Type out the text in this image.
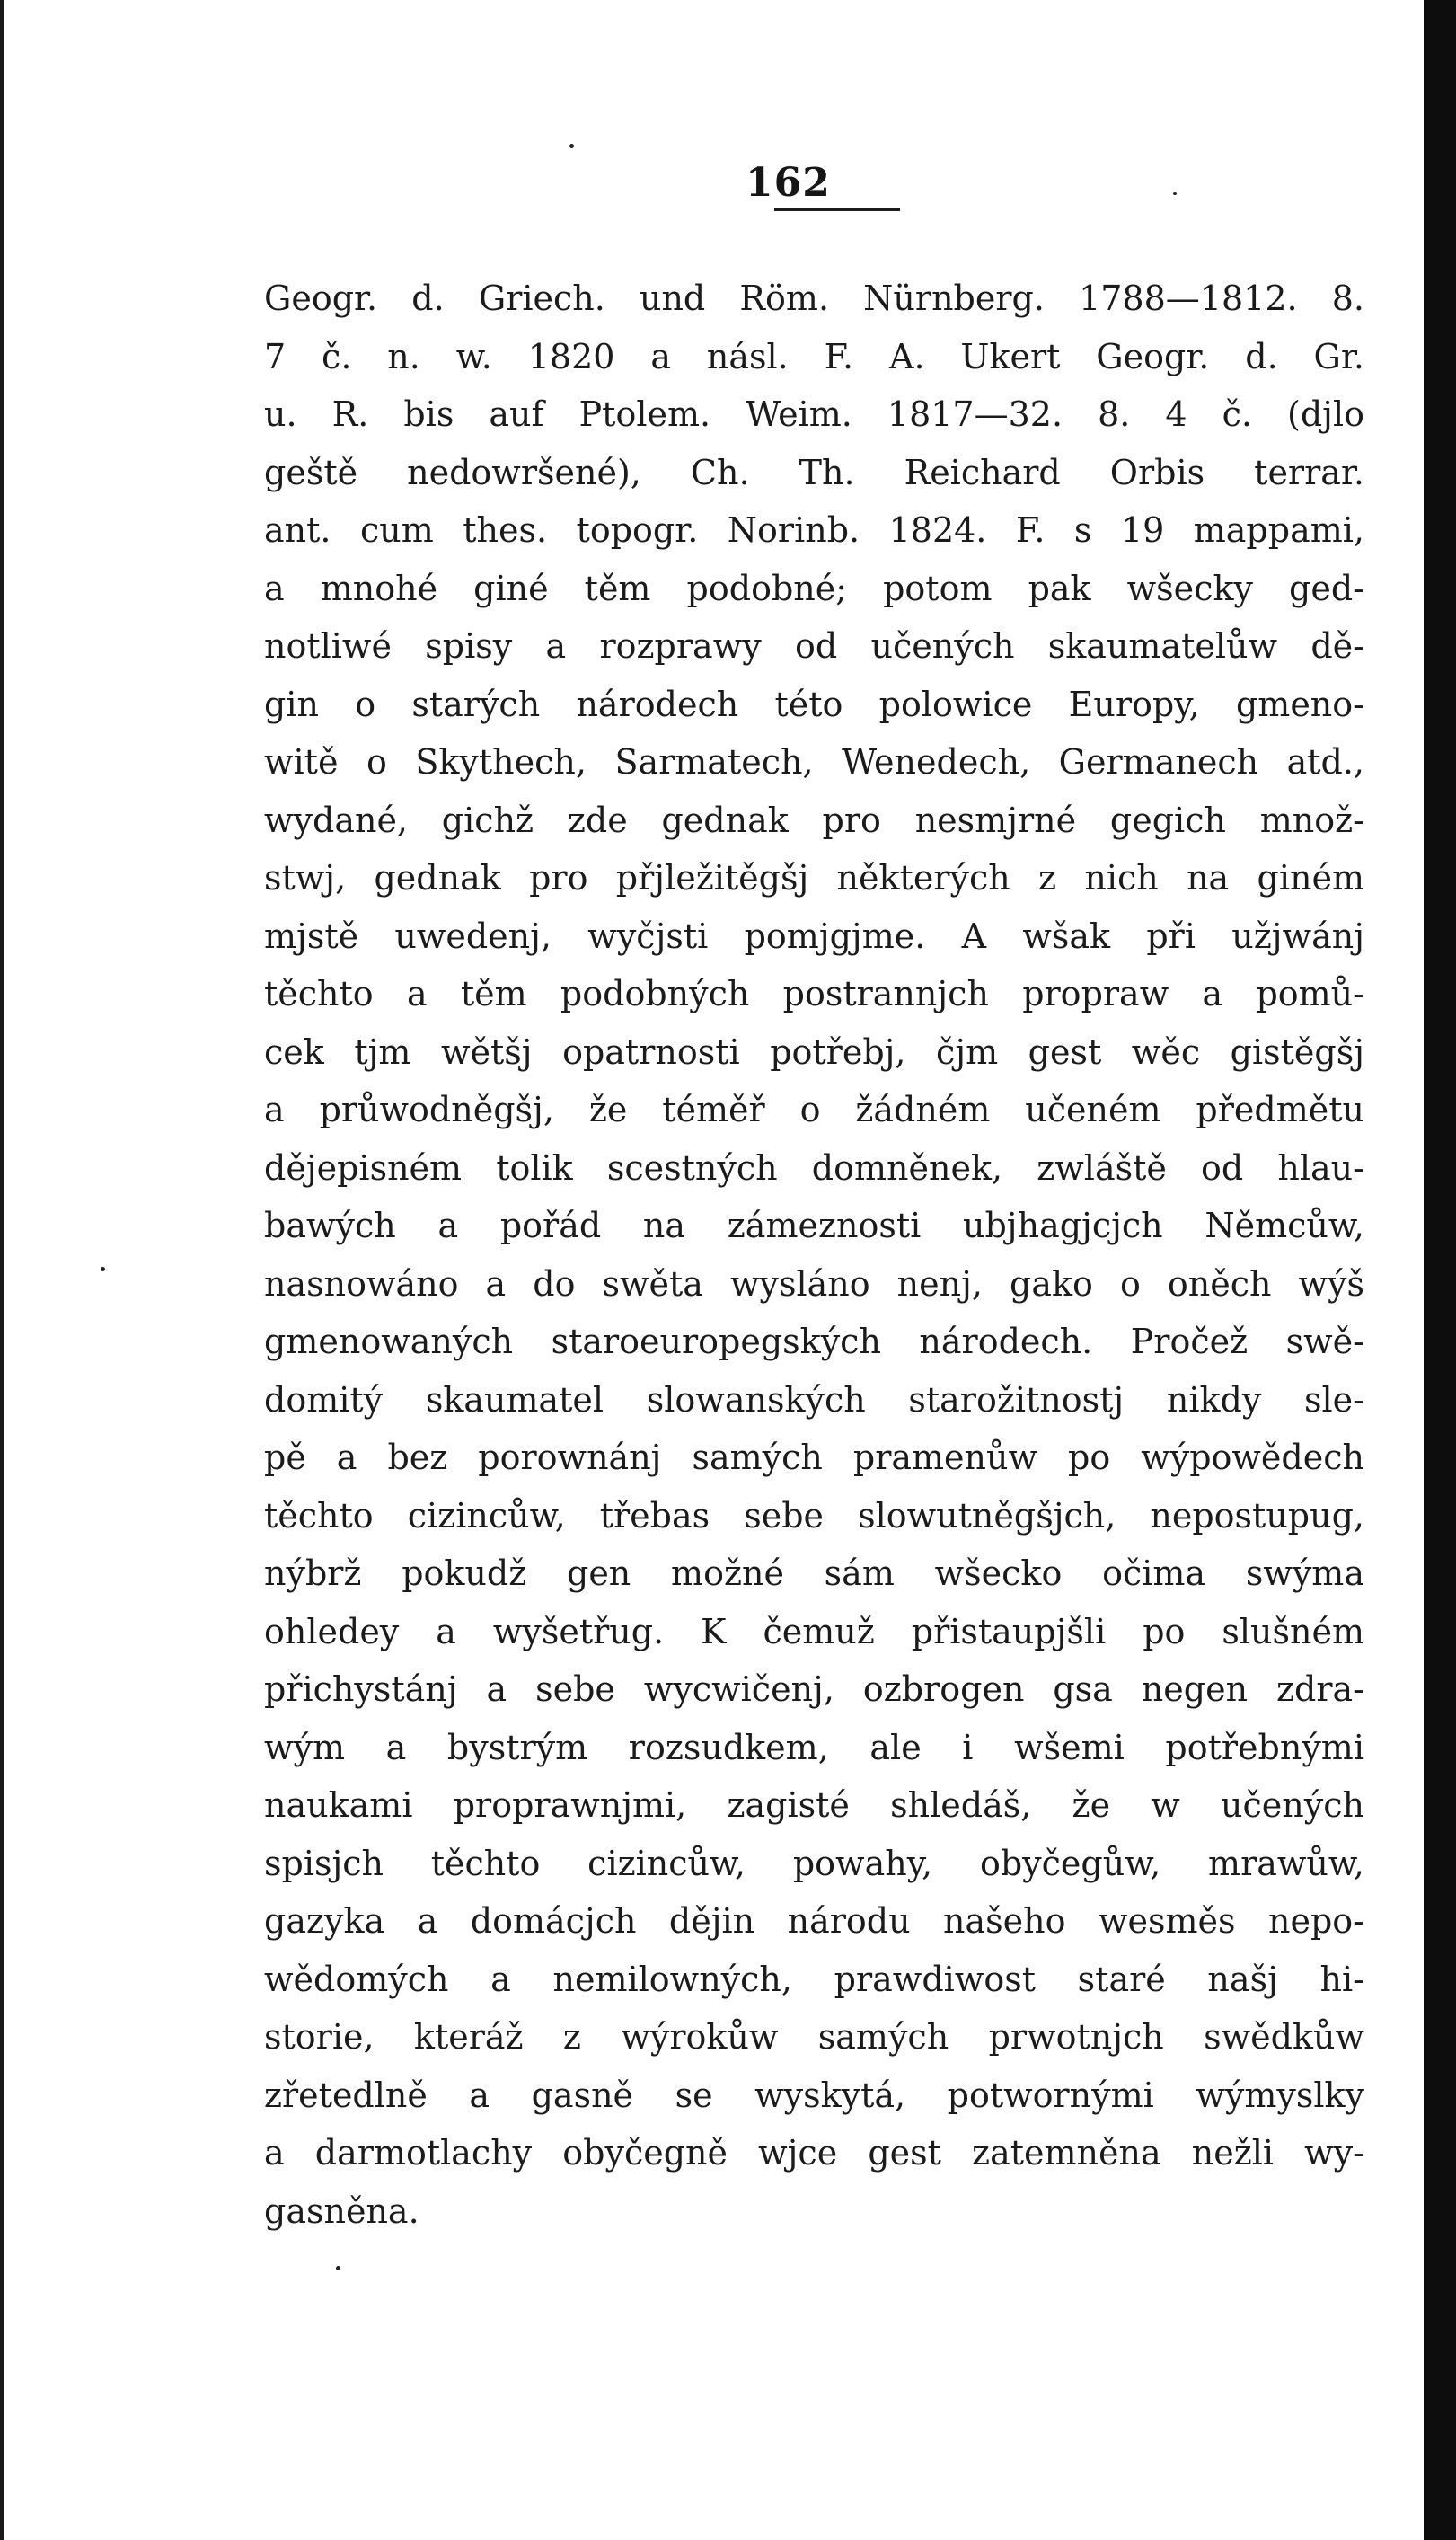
162
Geogr. d. Griech. und Röm. Nürnberg. 1788—1812. 8.
7 č. n. w. 1820 a násl. F. A. Ukert Geogr. d. Gr.
u. R. bis auf Ptolem. Weim. 1817—32. 8. 4 č. (djlo
geště nedowršené), Ch. Th. Reichard Orbis terrar.
ant. cum thes. topogr. Norinb. 1824. F. s 19 mappami,
a mnohé giné těm podobné; potom pak wšecky ged-
notliwé spisy a rozprawy od učených skaumatelůw dě-
gin o starých národech této polowice Europy, gmeno-
witě o Skythech, Sarmatech, Wenedech, Germanech atd.,
wydané, gichž zde gednak pro nesmjrné gegich množ-
stwj, gednak pro přjležitěgšj některých z nich na giném
mjstě uwedenj, wyčjsti pomjgjme. A wšak při užjwánj
těchto a těm podobných postrannjch propraw a pomů-
cek tjm wětšj opatrnosti potřebj, čjm gest wěc gistěgšj
a průwodněgšj, že téměř o žádném učeném předmětu
dějepisném tolik scestných domněnek, zwláště od hlau-
bawých a pořád na zámeznosti ubjhagjcjch Němcůw,
nasnowáno a do swěta wysláno nenj, gako o oněch wýš
gmenowaných staroeuropegských národech. Pročež swě-
domitý skaumatel slowanských starožitnostj nikdy sle-
pě a bez porownánj samých pramenůw po wýpowědech
těchto cizincůw, třebas sebe slowutněgšjch, nepostupug,
nýbrž pokudž gen možné sám wšecko očima swýma
ohledey a wyšetřug. K čemuž přistaupjšli po slušném
přichystánj a sebe wycwičenj, ozbrogen gsa negen zdra-
wým a bystrým rozsudkem, ale i wšemi potřebnými
naukami proprawnjmi, zagisté shledáš, že w učených
spisjch těchto cizincůw, powahy, obyčegůw, mrawůw,
gazyka a domácjch dějin národu našeho wesměs nepo-
wědomých a nemilowných, prawdiwost staré našj hi-
storie, kteráž z wýrokůw samých prwotnjch swědkůw
zřetedlně a gasně se wyskytá, potwornými wýmyslky
a darmotlachy obyčegně wjce gest zatemněna nežli wy-
gasněna.
